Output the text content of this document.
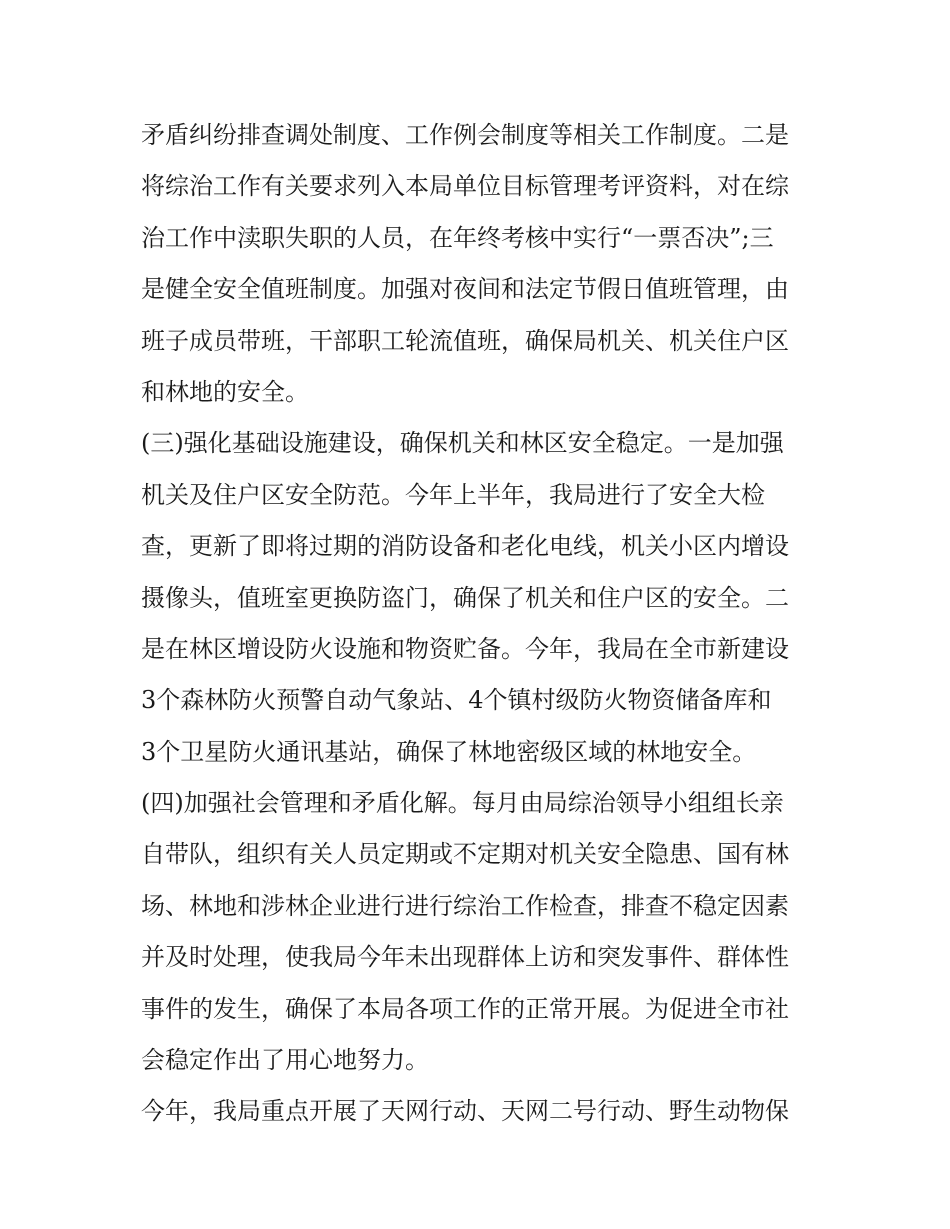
矛盾纠纷排查调处制度、工作例会制度等相关工作制度。二是
将综治工作有关要求列入本局单位目标管理考评资料，对在综
治工作中渎职失职的人员，在年终考核中实行“一票否决”;三
是健全安全值班制度。加强对夜间和法定节假日值班管理，由
班子成员带班，干部职工轮流值班，确保局机关、机关住户区
和林地的安全。
(三)强化基础设施建设，确保机关和林区安全稳定。一是加强
机关及住户区安全防范。今年上半年，我局进行了安全大检
查，更新了即将过期的消防设备和老化电线，机关小区内增设
摄像头，值班室更换防盗门，确保了机关和住户区的安全。二
是在林区增设防火设施和物资贮备。今年，我局在全市新建设
3个森林防火预警自动气象站、4个镇村级防火物资储备库和
3个卫星防火通讯基站，确保了林地密级区域的林地安全。
(四)加强社会管理和矛盾化解。每月由局综治领导小组组长亲
自带队，组织有关人员定期或不定期对机关安全隐患、国有林
场、林地和涉林企业进行进行综治工作检查，排查不稳定因素
并及时处理，使我局今年未出现群体上访和突发事件、群体性
事件的发生，确保了本局各项工作的正常开展。为促进全市社
会稳定作出了用心地努力。
今年，我局重点开展了天网行动、天网二号行动、野生动物保
